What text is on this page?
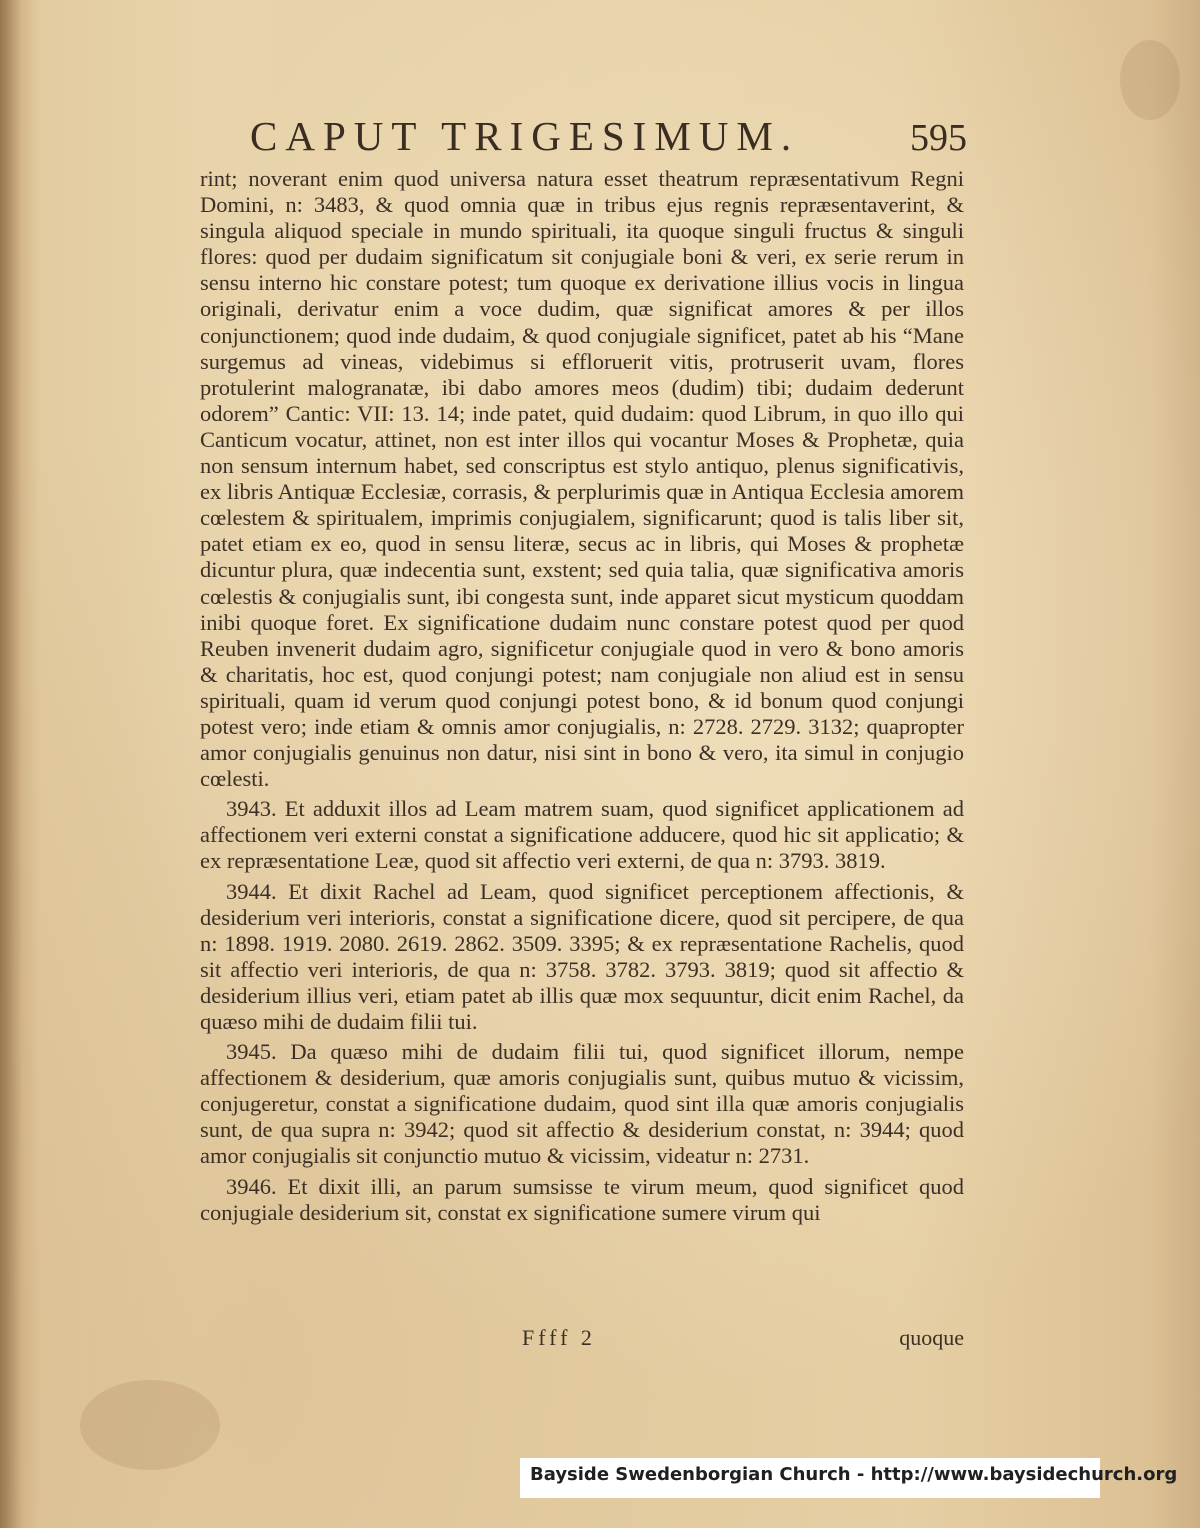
CAPUT TRIGESIMUM.	595

rint; noverant enim quod universa natura esset theatrum repræsentativum Regni Domini, n: 3483, & quod omnia quæ in tribus ejus regnis repræsentaverint, & singula aliquod speciale in mundo spirituali, ita quoque singuli fructus & singuli flores: quod per dudaim significatum sit conjugiale boni & veri, ex serie rerum in sensu interno hic constare potest; tum quoque ex derivatione illius vocis in lingua originali, derivatur enim a voce dudim, quæ significat amores & per illos conjunctionem; quod inde dudaim, & quod conjugiale significet, patet ab his “Mane surgemus ad vineas, videbimus si effloruerit vitis, protruserit uvam, flores protulerint malogranatæ, ibi dabo amores meos (dudim) tibi; dudaim dederunt odorem” Cantic: VII: 13. 14; inde patet, quid dudaim: quod Librum, in quo illo qui Canticum vocatur, attinet, non est inter illos qui vocantur Moses & Prophetæ, quia non sensum internum habet, sed conscriptus est stylo antiquo, plenus significativis, ex libris Antiquæ Ecclesiæ, corrasis, & perplurimis quæ in Antiqua Ecclesia amorem cœlestem & spiritualem, imprimis conjugialem, significarunt; quod is talis liber sit, patet etiam ex eo, quod in sensu literæ, secus ac in libris, qui Moses & prophetæ dicuntur plura, quæ indecentia sunt, exstent; sed quia talia, quæ significativa amoris cœlestis & conjugialis sunt, ibi congesta sunt, inde apparet sicut mysticum quoddam inibi quoque foret. Ex significatione dudaim nunc constare potest quod per quod Reuben invenerit dudaim agro, significetur conjugiale quod in vero & bono amoris & charitatis, hoc est, quod conjungi potest; nam conjugiale non aliud est in sensu spirituali, quam id verum quod conjungi potest bono, & id bonum quod conjungi potest vero; inde etiam & omnis amor conjugialis, n: 2728. 2729. 3132; quapropter amor conjugialis genuinus non datur, nisi sint in bono & vero, ita simul in conjugio cœlesti.

3943. Et adduxit illos ad Leam matrem suam, quod significet applicationem ad affectionem veri externi constat a significatione adducere, quod hic sit applicatio; & ex repræsentatione Leæ, quod sit affectio veri externi, de qua n: 3793. 3819.

3944. Et dixit Rachel ad Leam, quod significet perceptionem affectionis, & desiderium veri interioris, constat a significatione dicere, quod sit percipere, de qua n: 1898. 1919. 2080. 2619. 2862. 3509. 3395; & ex repræsentatione Rachelis, quod sit affectio veri interioris, de qua n: 3758. 3782. 3793. 3819; quod sit affectio & desiderium illius veri, etiam patet ab illis quæ mox sequuntur, dicit enim Rachel, da quæso mihi de dudaim filii tui.

3945. Da quæso mihi de dudaim filii tui, quod significet illorum, nempe affectionem & desiderium, quæ amoris conjugialis sunt, quibus mutuo & vicissim, conjugeretur, constat a significatione dudaim, quod sint illa quæ amoris conjugialis sunt, de qua supra n: 3942; quod sit affectio & desiderium constat, n: 3944; quod amor conjugialis sit conjunctio mutuo & vicissim, videatur n: 2731.

3946. Et dixit illi, an parum sumsisse te virum meum, quod significet quod conjugiale desiderium sit, constat ex significatione sumere virum qui

Ffff 2	quoque
Bayside Swedenborgian Church - http://www.baysidechurch.org
